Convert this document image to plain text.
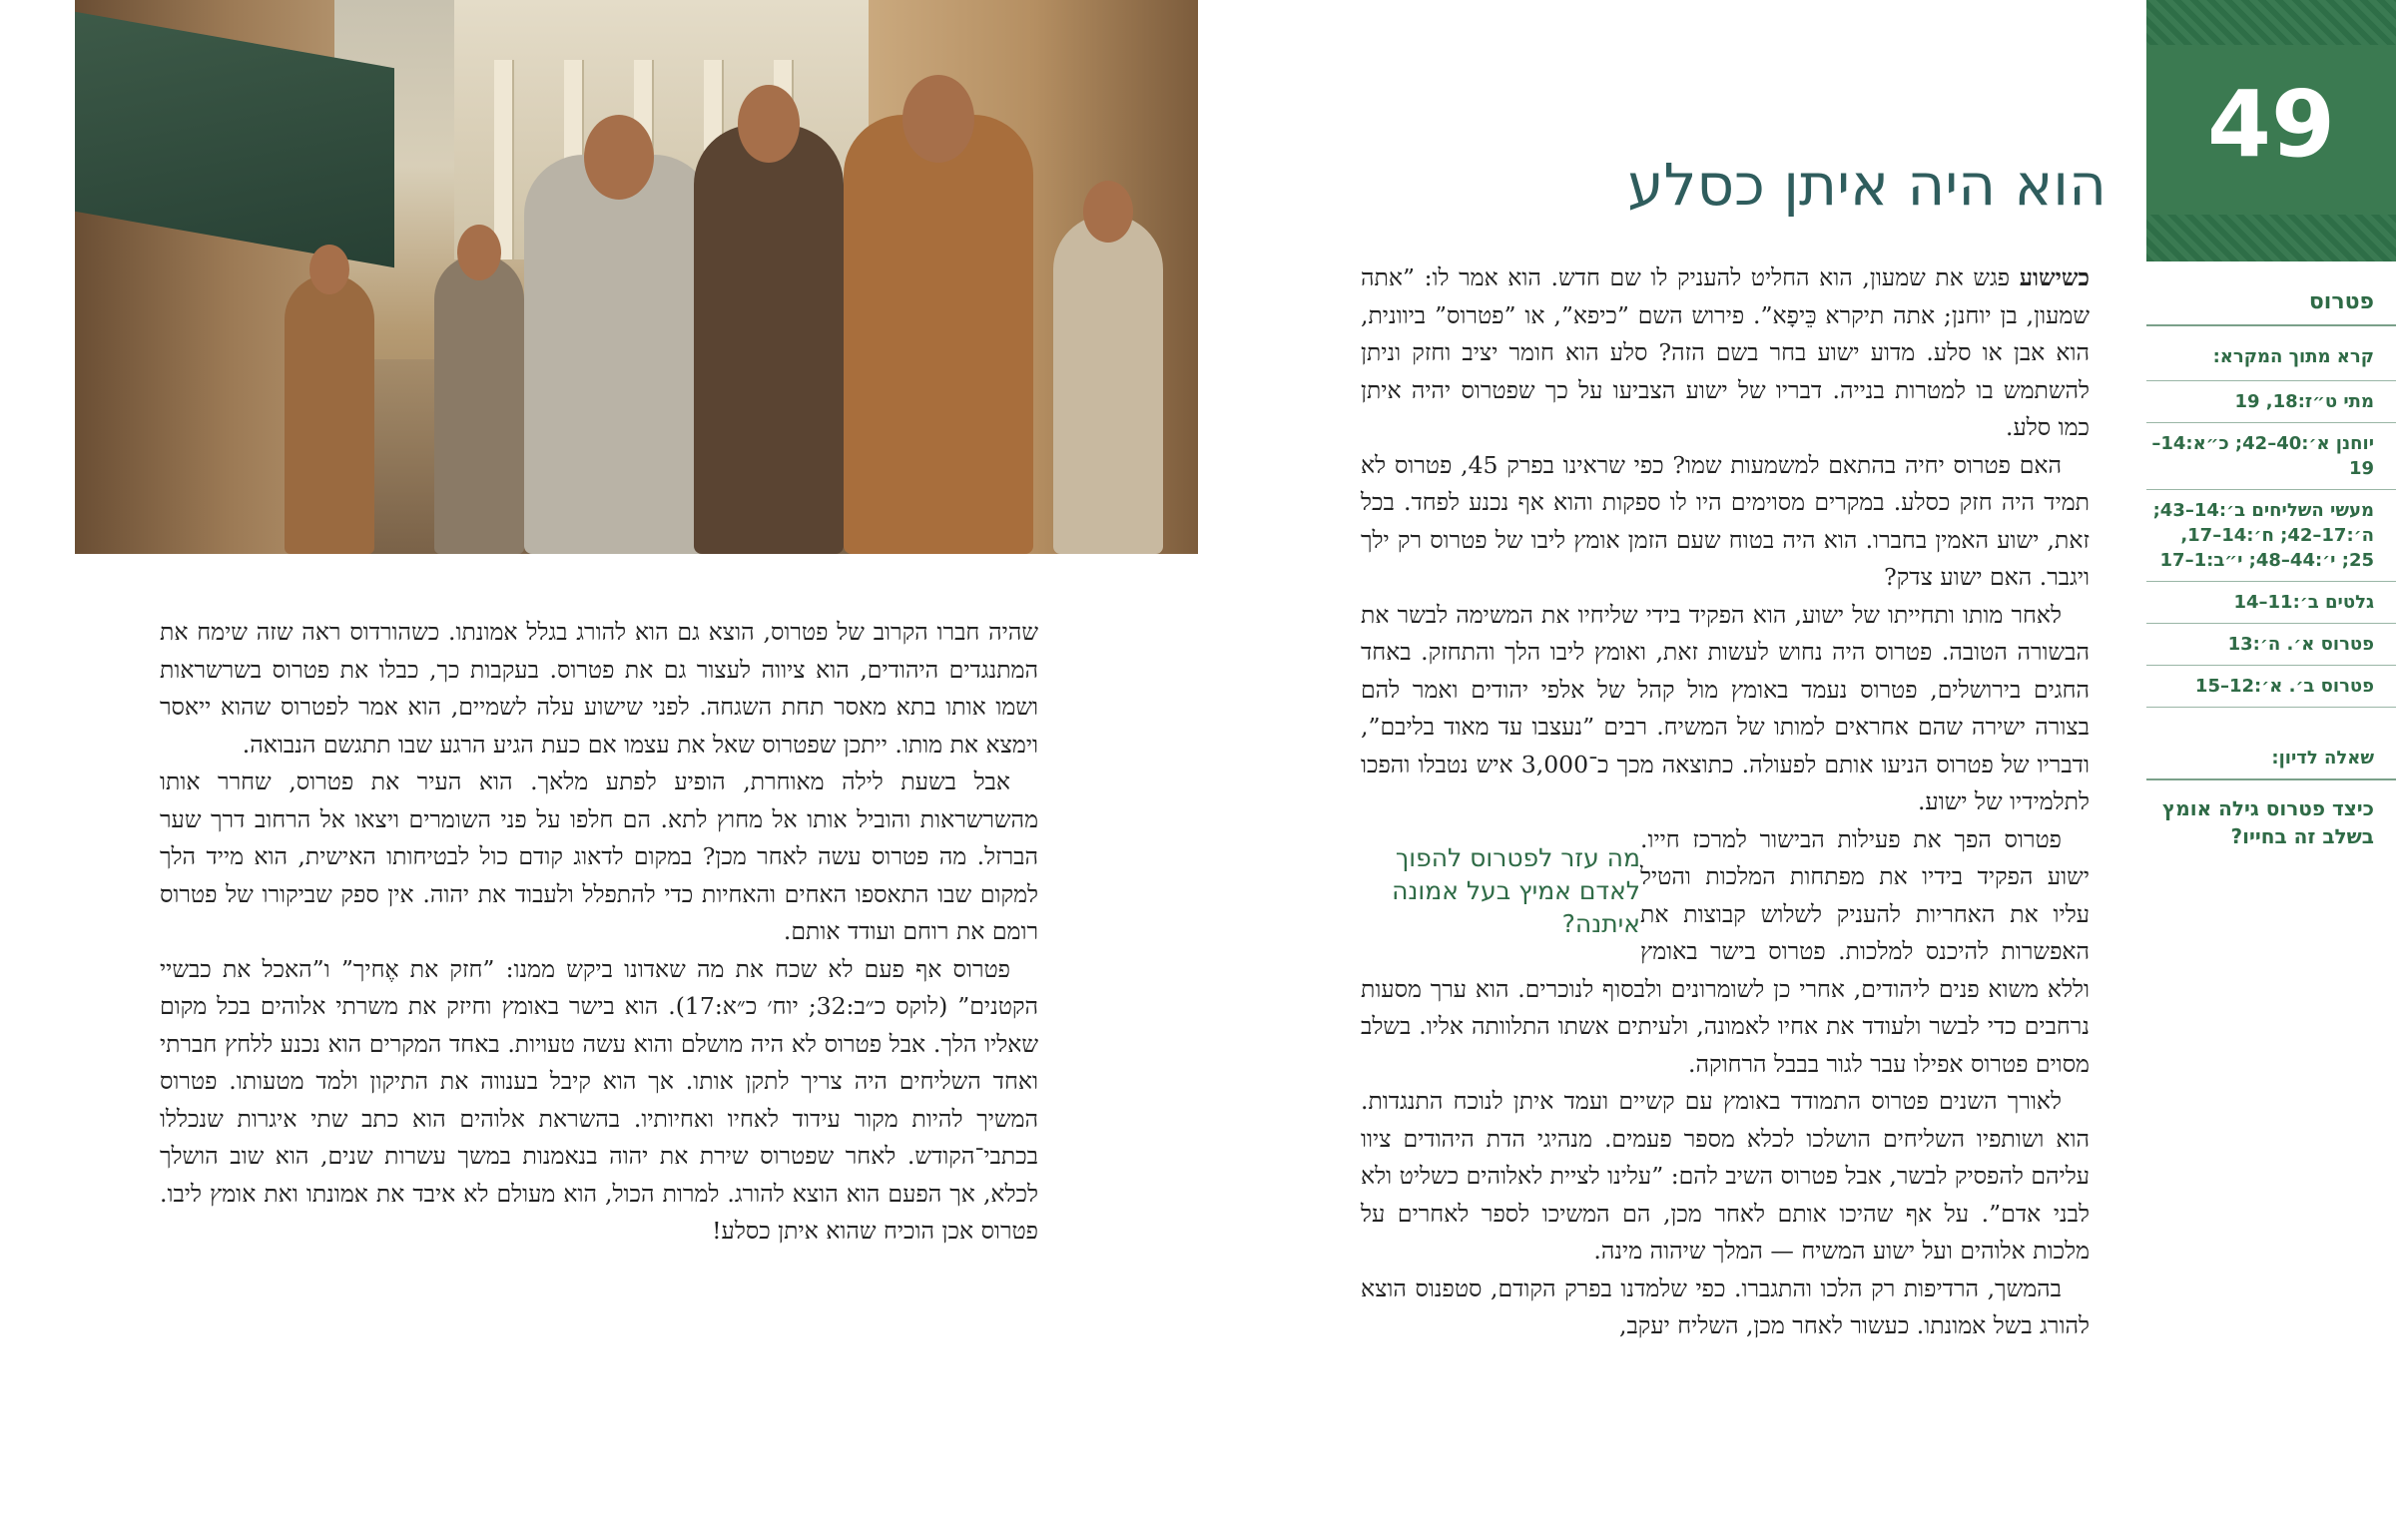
שהיה חברו הקרוב של פטרוס, הוצא גם הוא להורג בגלל אמונתו. כשהורדוס ראה שזה שימח את המתנגדים היהודים, הוא ציווה לעצור גם את פטרוס. בעקבות כך, כבלו את פטרוס בשרשראות ושמו אותו בתא מאסר תחת השגחה. לפני שישוע עלה לשמיים, הוא אמר לפטרוס שהוא ייאסר וימצא את מותו. ייתכן שפטרוס שאל את עצמו אם כעת הגיע הרגע שבו תתגשם הנבואה.

אבל בשעת לילה מאוחרת, הופיע לפתע מלאך. הוא העיר את פטרוס, שחרר אותו מהשרשראות והוביל אותו אל מחוץ לתא. הם חלפו על פני השומרים ויצאו אל הרחוב דרך שער הברזל. מה פטרוס עשה לאחר מכן? במקום לדאוג קודם כול לבטיחותו האישית, הוא מייד הלך למקום שבו התאספו האחים והאחיות כדי להתפלל ולעבוד את יהוה. אין ספק שביקורו של פטרוס רומם את רוחם ועודד אותם.

פטרוס אף פעם לא שכח את מה שאדונו ביקש ממנו: ”חזק את אֶחיך” ו”האכל את כבשיי הקטנים” (לוקס כ״ב:32; יוח׳ כ״א:17). הוא בישר באומץ וחיזק את משרתי אלוהים בכל מקום שאליו הלך. אבל פטרוס לא היה מושלם והוא עשה טעויות. באחד המקרים הוא נכנע ללחץ חברתי ואחד השליחים היה צריך לתקן אותו. אך הוא קיבל בענווה את התיקון ולמד מטעותו. פטרוס המשיך להיות מקור עידוד לאחיו ואחיותיו. בהשראת אלוהים הוא כתב שתי איגרות שנכללו בכתבי־הקודש. לאחר שפטרוס שירת את יהוה בנאמנות במשך עשרות שנים, הוא שוב הושלך לכלא, אך הפעם הוא הוצא להורג. למרות הכול, הוא מעולם לא איבד את אמונתו ואת אומץ ליבו. פטרוס אכן הוכיח שהוא איתן כסלע!

49
הוא היה איתן כסלע
פטרוס
קרא מתוך המקרא:
מתי ט״ז:18, 19
יוחנן א׳:40–42; כ״א:14–19
מעשי השליחים ב׳:14–43; ה׳:17–42; ח׳:14–17, 25; י׳:44–48; י״ב:1–17
גלטים ב׳:11–14
פטרוס א׳. ה׳:13
פטרוס ב׳. א׳:12–15
שאלה לדיון:
כיצד פטרוס גילה אומץ בשלב זה בחייו?

כשישוע פגש את שמעון, הוא החליט להעניק לו שם חדש. הוא אמר לו: ”אתה שמעון, בן יוחנן; אתה תיקרא כֵּיפָא”. פירוש השם ”כיפא”, או ”פטרוס” ביוונית, הוא אבן או סלע. מדוע ישוע בחר בשם הזה? סלע הוא חומר יציב וחזק וניתן להשתמש בו למטרות בנייה. דבריו של ישוע הצביעו על כך שפטרוס יהיה איתן כמו סלע.

האם פטרוס יחיה בהתאם למשמעות שמו? כפי שראינו בפרק 45, פטרוס לא תמיד היה חזק כסלע. במקרים מסוימים היו לו ספקות והוא אף נכנע לפחד. בכל זאת, ישוע האמין בחברו. הוא היה בטוח שעם הזמן אומץ ליבו של פטרוס רק ילך ויגבר. האם ישוע צדק?

לאחר מותו ותחייתו של ישוע, הוא הפקיד בידי שליחיו את המשימה לבשר את הבשורה הטובה. פטרוס היה נחוש לעשות זאת, ואומץ ליבו הלך והתחזק. באחד החגים בירושלים, פטרוס נעמד באומץ מול קהל של אלפי יהודים ואמר להם בצורה ישירה שהם אחראים למותו של המשיח. רבים ”נעצבו עד מאוד בליבם”, ודבריו של פטרוס הניעו אותם לפעולה. כתוצאה מכך כ־3,000 איש נטבלו והפכו לתלמידיו של ישוע.

מה עזר לפטרוס להפוך לאדם אמיץ בעל אמונה איתנה?

פטרוס הפך את פעילות הבישור למרכז חייו. ישוע הפקיד בידיו את מפתחות המלכות והטיל עליו את האחריות להעניק לשלוש קבוצות את האפשרות להיכנס למלכות. פטרוס בישר באומץ וללא משוא פנים ליהודים, אחרי כן לשומרונים ולבסוף לנוכרים. הוא ערך מסעות נרחבים כדי לבשר ולעודד את אחיו לאמונה, ולעיתים אשתו התלוותה אליו. בשלב מסוים פטרוס אפילו עבר לגור בבבל הרחוקה.

לאורך השנים פטרוס התמודד באומץ עם קשיים ועמד איתן לנוכח התנגדות. הוא ושותפיו השליחים הושלכו לכלא מספר פעמים. מנהיגי הדת היהודים ציוו עליהם להפסיק לבשר, אבל פטרוס השיב להם: ”עלינו לציית לאלוהים כשליט ולא לבני אדם”. על אף שהיכו אותם לאחר מכן, הם המשיכו לספר לאחרים על מלכות אלוהים ועל ישוע המשיח — המלך שיהוה מינה.

בהמשך, הרדיפות רק הלכו והתגברו. כפי שלמדנו בפרק הקודם, סטפנוס הוצא להורג בשל אמונתו. כעשור לאחר מכן, השליח יעקב,
